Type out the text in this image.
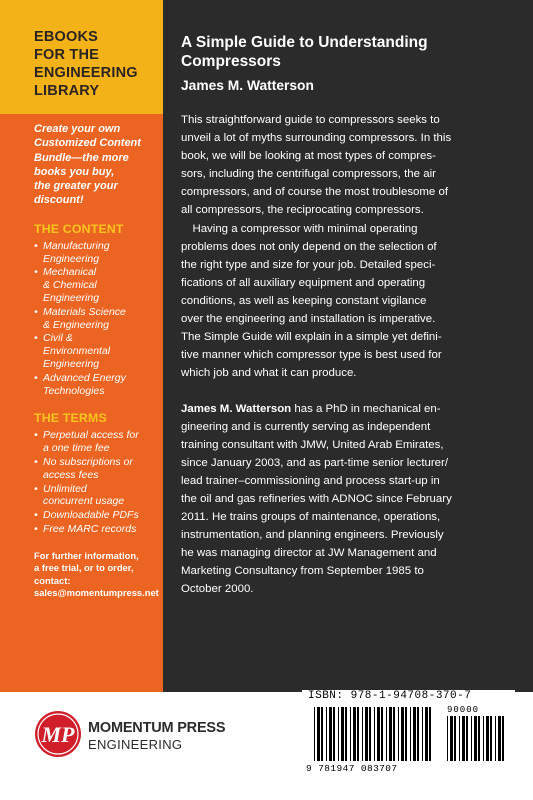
EBOOKS
FOR THE
ENGINEERING
LIBRARY
Create your own
Customized Content
Bundle—the more
books you buy,
the greater your
discount!
THE CONTENT
• Manufacturing
Engineering
• Mechanical
& Chemical
Engineering
• Materials Science
& Engineering
• Civil &
Environmental
Engineering
• Advanced Energy
Technologies
THE TERMS
• Perpetual access for
a one time fee
• No subscriptions or
access fees
• Unlimited
concurrent usage
• Downloadable PDFs
• Free MARC records
For further information,
a free trial, or to order,
contact:
sales@momentumpress.net
A Simple Guide to Understanding
Compressors
James M. Watterson
This straightforward guide to compressors seeks to
unveil a lot of myths surrounding compressors. In this
book, we will be looking at most types of compres-
sors, including the centrifugal compressors, the air
compressors, and of course the most troublesome of
all compressors, the reciprocating compressors.
 Having a compressor with minimal operating
problems does not only depend on the selection of
the right type and size for your job. Detailed speci-
fications of all auxiliary equipment and operating
conditions, as well as keeping constant vigilance
over the engineering and installation is imperative.
The Simple Guide will explain in a simple yet defini-
tive manner which compressor type is best used for
which job and what it can produce.
James M. Watterson has a PhD in mechanical en-
gineering and is currently serving as independent
training consultant with JMW, United Arab Emirates,
since January 2003, and as part-time senior lecturer/
lead trainer–commissioning and process start-up in
the oil and gas refineries with ADNOC since February
2011. He trains groups of maintenance, operations,
instrumentation, and planning engineers. Previously
he was managing director at JW Management and
Marketing Consultancy from September 1985 to
October 2000.
MP MOMENTUM PRESS
ENGINEERING
ISBN: 978-1-94708-370-7
90000
9 781947 083707
